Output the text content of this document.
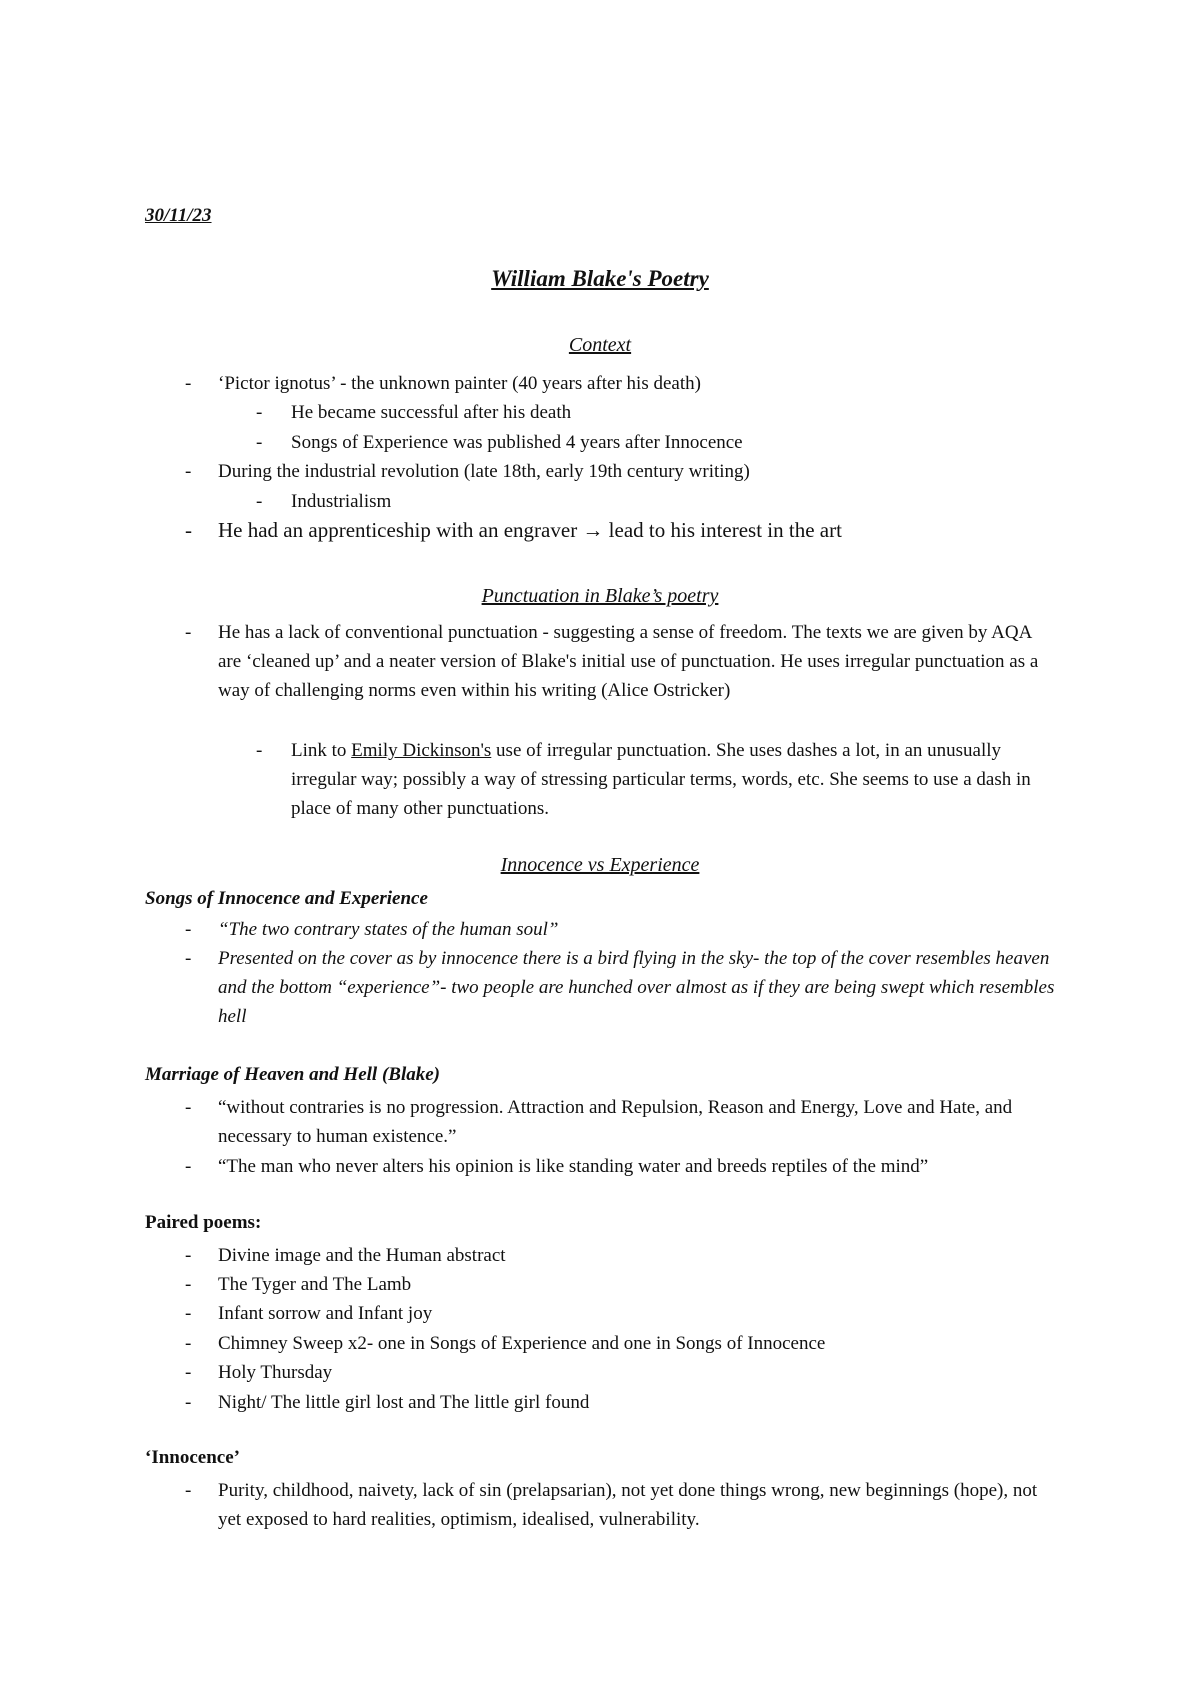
30/11/23
William Blake's Poetry
Context
- ‘Pictor ignotus’ - the unknown painter (40 years after his death)
- He became successful after his death
- Songs of Experience was published 4 years after Innocence
- During the industrial revolution (late 18th, early 19th century writing)
- Industrialism
- He had an apprenticeship with an engraver → lead to his interest in the art
Punctuation in Blake’s poetry
- He has a lack of conventional punctuation - suggesting a sense of freedom. The texts we are given by AQA are ‘cleaned up’ and a neater version of Blake's initial use of punctuation. He uses irregular punctuation as a way of challenging norms even within his writing (Alice Ostricker)
- Link to Emily Dickinson's use of irregular punctuation. She uses dashes a lot, in an unusually irregular way; possibly a way of stressing particular terms, words, etc. She seems to use a dash in place of many other punctuations.
Innocence vs Experience
Songs of Innocence and Experience
- “The two contrary states of the human soul”
- Presented on the cover as by innocence there is a bird flying in the sky- the top of the cover resembles heaven and the bottom “experience”- two people are hunched over almost as if they are being swept which resembles hell
Marriage of Heaven and Hell (Blake)
- “without contraries is no progression. Attraction and Repulsion, Reason and Energy, Love and Hate, and necessary to human existence.”
- “The man who never alters his opinion is like standing water and breeds reptiles of the mind”
Paired poems:
- Divine image and the Human abstract
- The Tyger and The Lamb
- Infant sorrow and Infant joy
- Chimney Sweep x2- one in Songs of Experience and one in Songs of Innocence
- Holy Thursday
- Night/ The little girl lost and The little girl found
‘Innocence’
- Purity, childhood, naivety, lack of sin (prelapsarian), not yet done things wrong, new beginnings (hope), not yet exposed to hard realities, optimism, idealised, vulnerability.
